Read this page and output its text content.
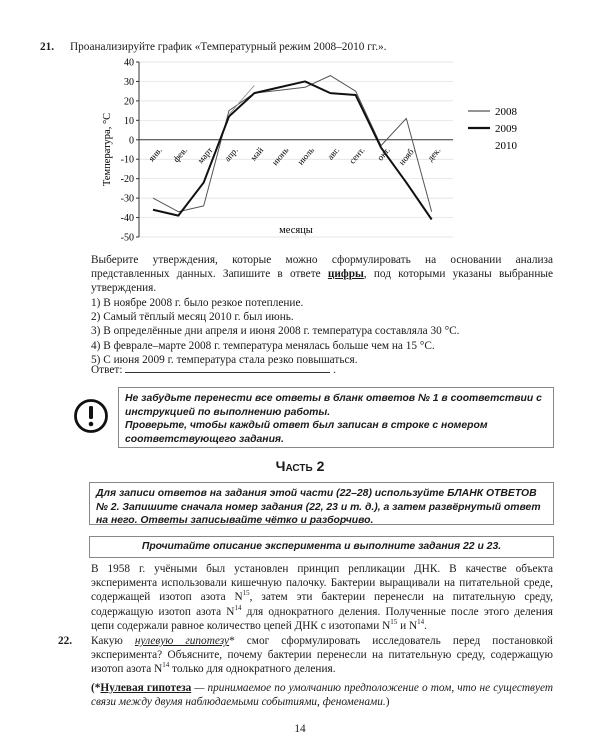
21. Проанализируйте график «Температурный режим 2008–2010 гг.».
40
30
20
10
0
-10
-20
-30
-40
-50
янв. фев. март апр. май июнь июль авг. сент. окт. нояб. дек.
месяцы
Температура, °С
2008
2009
2010
Выберите утверждения, которые можно сформулировать на основании анализа представленных данных. Запишите в ответе цифры, под которыми указаны выбранные утверждения.
1) В ноябре 2008 г. было резкое потепление.
2) Самый тёплый месяц 2010 г. был июнь.
3) В определённые дни апреля и июня 2008 г. температура составляла 30 °С.
4) В феврале–марте 2008 г. температура менялась больше чем на 15 °С.
5) С июня 2009 г. температура стала резко повышаться.
Ответ:	.
Не забудьте перенести все ответы в бланк ответов № 1 в соответствии с инструкцией по выполнению работы.
Проверьте, чтобы каждый ответ был записан в строке с номером соответствующего задания.
Часть 2
Для записи ответов на задания этой части (22–28) используйте БЛАНК ОТВЕТОВ № 2. Запишите сначала номер задания (22, 23 и т. д.), а затем развёрнутый ответ на него. Ответы записывайте чётко и разборчиво.
Прочитайте описание эксперимента и выполните задания 22 и 23.
В 1958 г. учёными был установлен принцип репликации ДНК. В качестве объекта эксперимента использовали кишечную палочку. Бактерии выращивали на питательной среде, содержащей изотоп азота $N^{15}$, затем эти бактерии перенесли на питательную среду, содержащую изотоп азота $N^{14}$ для однократного деления. Полученные после этого деления цепи содержали равное количество цепей ДНК с изотопами $N^{15}$ и $N^{14}$.
22. Какую нулевую гипотезу* смог сформулировать исследователь перед постановкой эксперимента? Объясните, почему бактерии перенесли на питательную среду, содержащую изотоп азота $N^{14}$ только для однократного деления.
(*Нулевая гипотеза — принимаемое по умолчанию предположение о том, что не существует связи между двумя наблюдаемыми событиями, феноменами.)
14
